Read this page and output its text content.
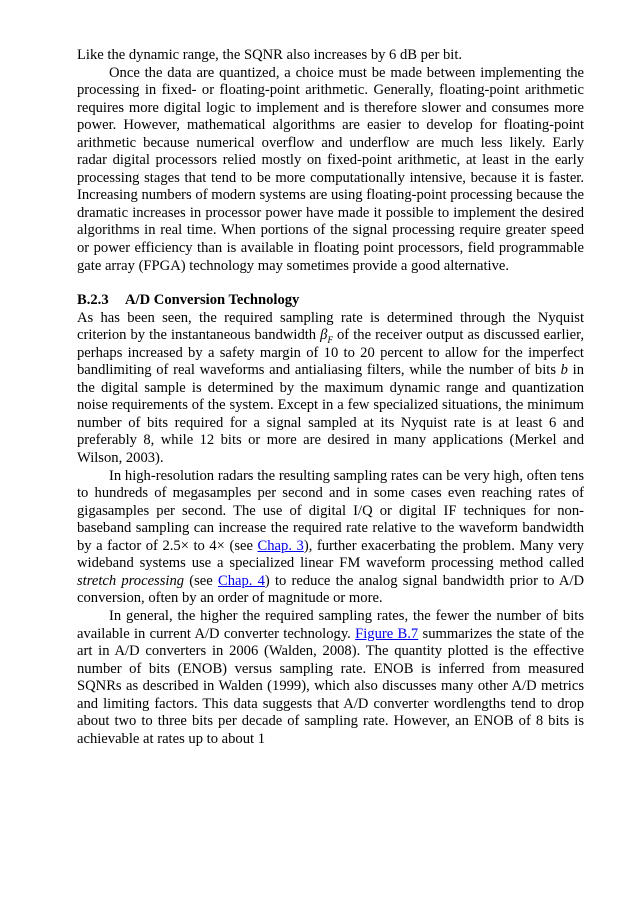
Like the dynamic range, the SQNR also increases by 6 dB per bit.

Once the data are quantized, a choice must be made between implementing the processing in fixed- or floating-point arithmetic. Generally, floating-point arithmetic requires more digital logic to implement and is therefore slower and consumes more power. However, mathematical algorithms are easier to develop for floating-point arithmetic because numerical overflow and underflow are much less likely. Early radar digital processors relied mostly on fixed-point arithmetic, at least in the early processing stages that tend to be more computationally intensive, because it is faster. Increasing numbers of modern systems are using floating-point processing because the dramatic increases in processor power have made it possible to implement the desired algorithms in real time. When portions of the signal processing require greater speed or power efficiency than is available in floating point processors, field programmable gate array (FPGA) technology may sometimes provide a good alternative.

B.2.3 A/D Conversion Technology

As has been seen, the required sampling rate is determined through the Nyquist criterion by the instantaneous bandwidth $\beta_F$ of the receiver output as discussed earlier, perhaps increased by a safety margin of 10 to 20 percent to allow for the imperfect bandlimiting of real waveforms and antialiasing filters, while the number of bits b in the digital sample is determined by the maximum dynamic range and quantization noise requirements of the system. Except in a few specialized situations, the minimum number of bits required for a signal sampled at its Nyquist rate is at least 6 and preferably 8, while 12 bits or more are desired in many applications (Merkel and Wilson, 2003).

In high-resolution radars the resulting sampling rates can be very high, often tens to hundreds of megasamples per second and in some cases even reaching rates of gigasamples per second. The use of digital I/Q or digital IF techniques for non-baseband sampling can increase the required rate relative to the waveform bandwidth by a factor of 2.5× to 4× (see Chap. 3), further exacerbating the problem. Many very wideband systems use a specialized linear FM waveform processing method called stretch processing (see Chap. 4) to reduce the analog signal bandwidth prior to A/D conversion, often by an order of magnitude or more.

In general, the higher the required sampling rates, the fewer the number of bits available in current A/D converter technology. Figure B.7 summarizes the state of the art in A/D converters in 2006 (Walden, 2008). The quantity plotted is the effective number of bits (ENOB) versus sampling rate. ENOB is inferred from measured SQNRs as described in Walden (1999), which also discusses many other A/D metrics and limiting factors. This data suggests that A/D converter wordlengths tend to drop about two to three bits per decade of sampling rate. However, an ENOB of 8 bits is achievable at rates up to about 1
